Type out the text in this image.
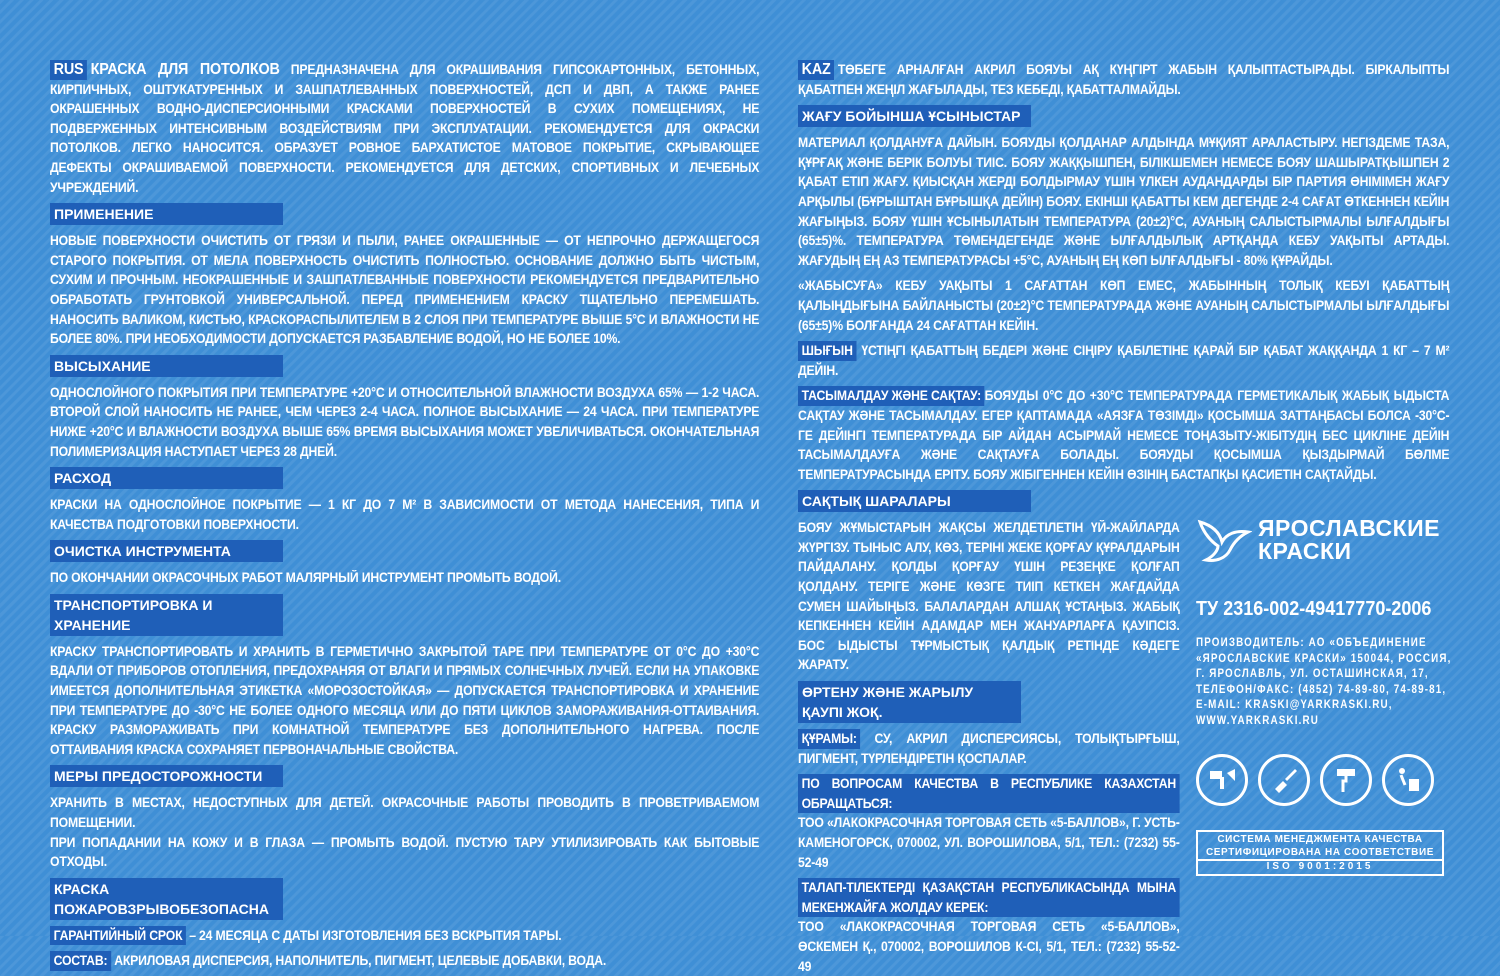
RUS КРАСКА ДЛЯ ПОТОЛКОВ ПРЕДНАЗНАЧЕНА ДЛЯ ОКРАШИВАНИЯ ГИПСОКАРТОННЫХ, БЕТОННЫХ, КИРПИЧНЫХ, ОШТУКАТУРЕННЫХ И ЗАШПАТЛЕВАННЫХ ПОВЕРХНОСТЕЙ, ДСП И ДВП, А ТАКЖЕ РАНЕЕ ОКРАШЕННЫХ ВОДНО-ДИСПЕРСИОННЫМИ КРАСКАМИ ПОВЕРХНОСТЕЙ В СУХИХ ПОМЕЩЕНИЯХ, НЕ ПОДВЕРЖЕННЫХ ИНТЕНСИВНЫМ ВОЗДЕЙСТВИЯМ ПРИ ЭКСПЛУАТАЦИИ. РЕКОМЕНДУЕТСЯ ДЛЯ ОКРАСКИ ПОТОЛКОВ. ЛЕГКО НАНОСИТСЯ. ОБРАЗУЕТ РОВНОЕ БАРХАТИСТОЕ МАТОВОЕ ПОКРЫТИЕ, СКРЫВАЮЩЕЕ ДЕФЕКТЫ ОКРАШИВАЕМОЙ ПОВЕРХНОСТИ. РЕКОМЕНДУЕТСЯ ДЛЯ ДЕТСКИХ, СПОРТИВНЫХ И ЛЕЧЕБНЫХ УЧРЕЖДЕНИЙ.
ПРИМЕНЕНИЕ
НОВЫЕ ПОВЕРХНОСТИ ОЧИСТИТЬ ОТ ГРЯЗИ И ПЫЛИ, РАНЕЕ ОКРАШЕННЫЕ — ОТ НЕПРОЧНО ДЕРЖАЩЕГОСЯ СТАРОГО ПОКРЫТИЯ. ОТ МЕЛА ПОВЕРХНОСТЬ ОЧИСТИТЬ ПОЛНОСТЬЮ. ОСНОВАНИЕ ДОЛЖНО БЫТЬ ЧИСТЫМ, СУХИМ И ПРОЧНЫМ. НЕОКРАШЕННЫЕ И ЗАШПАТЛЕВАННЫЕ ПОВЕРХНОСТИ РЕКОМЕНДУЕТСЯ ПРЕДВАРИТЕЛЬНО ОБРАБОТАТЬ ГРУНТОВКОЙ УНИВЕРСАЛЬНОЙ. ПЕРЕД ПРИМЕНЕНИЕМ КРАСКУ ТЩАТЕЛЬНО ПЕРЕМЕШАТЬ. НАНОСИТЬ ВАЛИКОМ, КИСТЬЮ, КРАСКОРАСПЫЛИТЕЛЕМ В 2 СЛОЯ ПРИ ТЕМПЕРАТУРЕ ВЫШЕ 5°С И ВЛАЖНОСТИ НЕ БОЛЕЕ 80%. ПРИ НЕОБХОДИМОСТИ ДОПУСКАЕТСЯ РАЗБАВЛЕНИЕ ВОДОЙ, НО НЕ БОЛЕЕ 10%.
ВЫСЫХАНИЕ
ОДНОСЛОЙНОГО ПОКРЫТИЯ ПРИ ТЕМПЕРАТУРЕ +20°С И ОТНОСИТЕЛЬНОЙ ВЛАЖНОСТИ ВОЗДУХА 65% — 1-2 ЧАСА. ВТОРОЙ СЛОЙ НАНОСИТЬ НЕ РАНЕЕ, ЧЕМ ЧЕРЕЗ 2-4 ЧАСА. ПОЛНОЕ ВЫСЫХАНИЕ — 24 ЧАСА. ПРИ ТЕМПЕРАТУРЕ НИЖЕ +20°С И ВЛАЖНОСТИ ВОЗДУХА ВЫШЕ 65% ВРЕМЯ ВЫСЫХАНИЯ МОЖЕТ УВЕЛИЧИВАТЬСЯ. ОКОНЧАТЕЛЬНАЯ ПОЛИМЕРИЗАЦИЯ НАСТУПАЕТ ЧЕРЕЗ 28 ДНЕЙ.
РАСХОД
КРАСКИ НА ОДНОСЛОЙНОЕ ПОКРЫТИЕ — 1 КГ ДО 7 М² В ЗАВИСИМОСТИ ОТ МЕТОДА НАНЕСЕНИЯ, ТИПА И КАЧЕСТВА ПОДГОТОВКИ ПОВЕРХНОСТИ.
ОЧИСТКА ИНСТРУМЕНТА
ПО ОКОНЧАНИИ ОКРАСОЧНЫХ РАБОТ МАЛЯРНЫЙ ИНСТРУМЕНТ ПРОМЫТЬ ВОДОЙ.
ТРАНСПОРТИРОВКА И ХРАНЕНИЕ
КРАСКУ ТРАНСПОРТИРОВАТЬ И ХРАНИТЬ В ГЕРМЕТИЧНО ЗАКРЫТОЙ ТАРЕ ПРИ ТЕМПЕРАТУРЕ ОТ 0°С ДО +30°С ВДАЛИ ОТ ПРИБОРОВ ОТОПЛЕНИЯ, ПРЕДОХРАНЯЯ ОТ ВЛАГИ И ПРЯМЫХ СОЛНЕЧНЫХ ЛУЧЕЙ. ЕСЛИ НА УПАКОВКЕ ИМЕЕТСЯ ДОПОЛНИТЕЛЬНАЯ ЭТИКЕТКА «МОРОЗОСТОЙКАЯ» — ДОПУСКАЕТСЯ ТРАНСПОРТИРОВКА И ХРАНЕНИЕ ПРИ ТЕМПЕРАТУРЕ ДО -30°С НЕ БОЛЕЕ ОДНОГО МЕСЯЦА ИЛИ ДО ПЯТИ ЦИКЛОВ ЗАМОРАЖИВАНИЯ-ОТТАИВАНИЯ. КРАСКУ РАЗМОРАЖИВАТЬ ПРИ КОМНАТНОЙ ТЕМПЕРАТУРЕ БЕЗ ДОПОЛНИТЕЛЬНОГО НАГРЕВА. ПОСЛЕ ОТТАИВАНИЯ КРАСКА СОХРАНЯЕТ ПЕРВОНАЧАЛЬНЫЕ СВОЙСТВА.
МЕРЫ ПРЕДОСТОРОЖНОСТИ
ХРАНИТЬ В МЕСТАХ, НЕДОСТУПНЫХ ДЛЯ ДЕТЕЙ. ОКРАСОЧНЫЕ РАБОТЫ ПРОВОДИТЬ В ПРОВЕТРИВАЕМОМ ПОМЕЩЕНИИ.
ПРИ ПОПАДАНИИ НА КОЖУ И В ГЛАЗА — ПРОМЫТЬ ВОДОЙ. ПУСТУЮ ТАРУ УТИЛИЗИРОВАТЬ КАК БЫТОВЫЕ ОТХОДЫ.
КРАСКА ПОЖАРОВЗРЫВОБЕЗОПАСНА
ГАРАНТИЙНЫЙ СРОК – 24 МЕСЯЦА С ДАТЫ ИЗГОТОВЛЕНИЯ БЕЗ ВСКРЫТИЯ ТАРЫ.
СОСТАВ: АКРИЛОВАЯ ДИСПЕРСИЯ, НАПОЛНИТЕЛЬ, ПИГМЕНТ, ЦЕЛЕВЫЕ ДОБАВКИ, ВОДА.
KAZ ТӨБЕГЕ АРНАЛҒАН АКРИЛ БОЯУЫ АҚ КҮҢГІРТ ЖАБЫН ҚАЛЫПТАСТЫРАДЫ. БІРКАЛЫПТЫ ҚАБАТПЕН ЖЕҢІЛ ЖАҒЫЛАДЫ, ТЕЗ КЕБЕДІ, ҚАБАТТАЛМАЙДЫ.
ЖАҒУ БОЙЫНША ҰСЫНЫСТАР
МАТЕРИАЛ ҚОЛДАНУҒА ДАЙЫН. БОЯУДЫ ҚОЛДАНАР АЛДЫНДА МҰҚИЯТ АРАЛАСТЫРУ. НЕГІЗДЕМЕ ТАЗА, ҚҰРҒАҚ ЖӘНЕ БЕРІК БОЛУЫ ТИІС. БОЯУ ЖАҚҚЫШПЕН, БІЛІКШЕМЕН НЕМЕСЕ БОЯУ ШАШЫРАТҚЫШПЕН 2 ҚАБАТ ЕТІП ЖАҒУ. ҚИЫСҚАН ЖЕРДІ БОЛДЫРМАУ ҮШІН ҮЛКЕН АУДАНДАРДЫ БІР ПАРТИЯ ӨНІМІМЕН ЖАҒУ АРҚЫЛЫ (БҰРЫШТАН БҰРЫШҚА ДЕЙІН) БОЯУ. ЕКІНШІ ҚАБАТТЫ КЕМ ДЕГЕНДЕ 2-4 САҒАТ ӨТКЕННЕН КЕЙІН ЖАҒЫҢЫЗ. БОЯУ ҮШІН ҰСЫНЫЛАТЫН ТЕМПЕРАТУРА (20±2)°С, АУАНЫҢ САЛЫСТЫРМАЛЫ ЫЛҒАЛДЫҒЫ (65±5)%. ТЕМПЕРАТУРА ТӨМЕНДЕГЕНДЕ ЖӘНЕ ЫЛҒАЛДЫЛЫҚ АРТҚАНДА КЕБУ УАҚЫТЫ АРТАДЫ. ЖАҒУДЫҢ ЕҢ АЗ ТЕМПЕРАТУРАСЫ +5°С, АУАНЫҢ ЕҢ КӨП ЫЛҒАЛДЫҒЫ - 80% ҚҰРАЙДЫ.
«ЖАБЫСУҒА» КЕБУ УАҚЫТЫ 1 САҒАТТАН КӨП ЕМЕС, ЖАБЫННЫҢ ТОЛЫҚ КЕБУІ ҚАБАТТЫҢ ҚАЛЫҢДЫҒЫНА БАЙЛАНЫСТЫ (20±2)°С ТЕМПЕРАТУРАДА ЖӘНЕ АУАНЫҢ САЛЫСТЫРМАЛЫ ЫЛҒАЛДЫҒЫ (65±5)% БОЛҒАНДА 24 САҒАТТАН КЕЙІН.
ШЫҒЫН ҮСТІҢГІ ҚАБАТТЫҢ БЕДЕРІ ЖӘНЕ СІҢІРУ ҚАБІЛЕТІНЕ ҚАРАЙ БІР ҚАБАТ ЖАҚҚАНДА 1 КГ – 7 М² ДЕЙІН.
ТАСЫМАЛДАУ ЖӘНЕ САҚТАУ: БОЯУДЫ 0°С ДО +30°С ТЕМПЕРАТУРАДА ГЕРМЕТИКАЛЫҚ ЖАБЫҚ ЫДЫСТА САҚТАУ ЖӘНЕ ТАСЫМАЛДАУ. ЕГЕР ҚАПТАМАДА «АЯЗҒА ТӨЗІМДІ» ҚОСЫМША ЗАТТАҢБАСЫ БОЛСА -30°С-ГЕ ДЕЙІНГІ ТЕМПЕРАТУРАДА БІР АЙДАН АСЫРМАЙ НЕМЕСЕ ТОҢАЗЫТУ-ЖІБІТУДІҢ БЕС ЦИКЛІНЕ ДЕЙІН ТАСЫМАЛДАУҒА ЖӘНЕ САҚТАУҒА БОЛАДЫ. БОЯУДЫ ҚОСЫМША ҚЫЗДЫРМАЙ БӨЛМЕ ТЕМПЕРАТУРАСЫНДА ЕРІТУ. БОЯУ ЖІБІГЕННЕН КЕЙІН ӨЗІНІҢ БАСТАПҚЫ ҚАСИЕТІН САҚТАЙДЫ.
САҚТЫҚ ШАРАЛАРЫ
БОЯУ ЖҰМЫСТАРЫН ЖАҚСЫ ЖЕЛДЕТІЛЕТІН ҮЙ-ЖАЙЛАРДА ЖҮРГІЗУ. ТЫНЫС АЛУ, КӨЗ, ТЕРІНІ ЖЕКЕ ҚОРҒАУ ҚҰРАЛДАРЫН ПАЙДАЛАНУ. ҚОЛДЫ ҚОРҒАУ ҮШІН РЕЗЕҢКЕ ҚОЛҒАП ҚОЛДАНУ. ТЕРІГЕ ЖӘНЕ КӨЗГЕ ТИІП КЕТКЕН ЖАҒДАЙДА СУМЕН ШАЙЫҢЫЗ. БАЛАЛАРДАН АЛШАҚ ҰСТАҢЫЗ. ЖАБЫҚ КЕПКЕННЕН КЕЙІН АДАМДАР МЕН ЖАНУАРЛАРҒА ҚАУІПСІЗ. БОС ЫДЫСТЫ ТҰРМЫСТЫҚ ҚАЛДЫҚ РЕТІНДЕ КӘДЕГЕ ЖАРАТУ.
ӨРТЕНУ ЖӘНЕ ЖАРЫЛУ ҚАУПІ ЖОҚ.
ҚҰРАМЫ: СУ, АКРИЛ ДИСПЕРСИЯСЫ, ТОЛЫҚТЫРҒЫШ, ПИГМЕНТ, ТҮРЛЕНДІРЕТІН ҚОСПАЛАР.
ПО ВОПРОСАМ КАЧЕСТВА В РЕСПУБЛИКЕ КАЗАХСТАН ОБРАЩАТЬСЯ: ТОО «ЛАКОКРАСОЧНАЯ ТОРГОВАЯ СЕТЬ «5-БАЛЛОВ», Г. УСТЬ-КАМЕНОГОРСК, 070002, УЛ. ВОРОШИЛОВА, 5/1, ТЕЛ.: (7232) 55-52-49
ТАЛАП-ТІЛЕКТЕРДІ ҚАЗАҚСТАН РЕСПУБЛИКАСЫНДА МЫНА МЕКЕНЖАЙҒА ЖОЛДАУ КЕРЕК: ТОО «ЛАКОКРАСОЧНАЯ ТОРГОВАЯ СЕТЬ «5-БАЛЛОВ», ӨСКЕМЕН Қ., 070002, ВОРОШИЛОВ К-СІ, 5/1, ТЕЛ.: (7232) 55-52-49
ЯРОСЛАВСКИЕ
КРАСКИ
ТУ 2316-002-49417770-2006
ПРОИЗВОДИТЕЛЬ: АО «ОБЪЕДИНЕНИЕ
«ЯРОСЛАВСКИЕ КРАСКИ» 150044, РОССИЯ,
Г. ЯРОСЛАВЛЬ, УЛ. ОСТАШИНСКАЯ, 17,
ТЕЛЕФОН/ФАКС: (4852) 74-89-80, 74-89-81,
E-MAIL: KRASKI@YARKRASKI.RU,
WWW.YARKRASKI.RU
СИСТЕМА МЕНЕДЖМЕНТА КАЧЕСТВА
СЕРТИФИЦИРОВАНА НА СООТВЕТСТВИЕ
ISO 9001:2015
